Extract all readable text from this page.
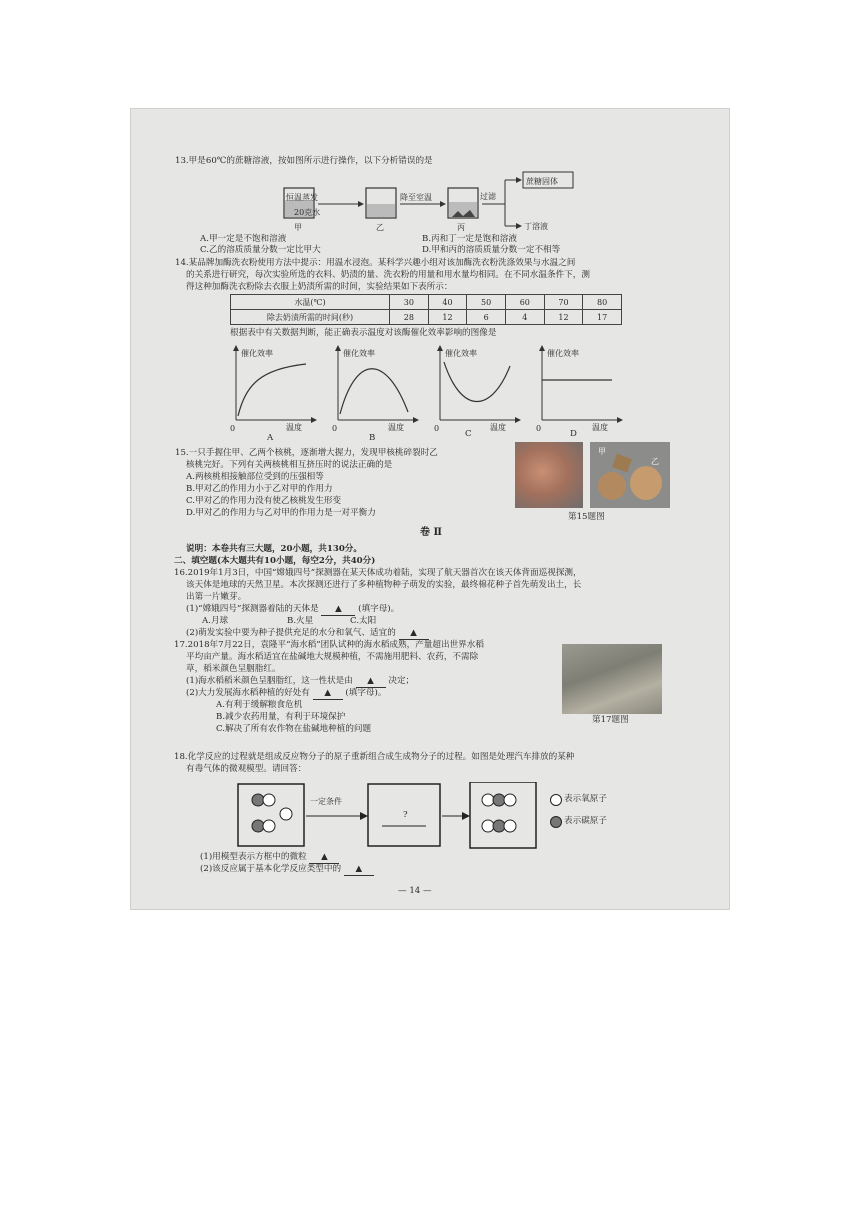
13.甲是60℃的蔗糖溶液，按如图所示进行操作，以下分析错误的是
恒温蒸发
20克水
降至室温	过滤
蔗糖固体
丁溶液
甲	乙	丙
A.甲一定是不饱和溶液	B.丙和丁一定是饱和溶液
C.乙的溶质质量分数一定比甲大	D.甲和丙的溶质质量分数一定不相等
14.某品牌加酶洗衣粉使用方法中提示：用温水浸泡。某科学兴趣小组对该加酶洗衣粉洗涤效果与水温之间
的关系进行研究，每次实验所选的衣料、奶渍的量、洗衣粉的用量和用水量均相同。在不同水温条件下，测
得这种加酶洗衣粉除去衣服上奶渍所需的时间，实验结果如下表所示：
水温(℃)	30	40	50	60	70	80
除去奶渍所需的时间(秒)	28	12	6	4	12	17
根据表中有关数据判断，能正确表示温度对该酶催化效率影响的图像是
催化效率	催化效率	催化效率	催化效率
0	0	0	0
温度	温度	温度	温度
A	B	C	D
15.一只手握住甲、乙两个核桃，逐渐增大握力，发现甲核桃碎裂时乙
核桃完好。下列有关两核桃相互挤压时的说法正确的是
A.两核桃相接触部位受到的压强相等
B.甲对乙的作用力小于乙对甲的作用力
C.甲对乙的作用力没有使乙核桃发生形变
D.甲对乙的作用力与乙对甲的作用力是一对平衡力
甲
乙
第15题图
卷 Ⅱ
说明：本卷共有三大题，20小题，共130分。
二、填空题(本大题共有10小题，每空2分，共40分)
16.2019年1月3日，中国“嫦娥四号”探测器在某天体成功着陆，实现了航天器首次在该天体背面巡视探测，
该天体是地球的天然卫星。本次探测还进行了多种植物种子萌发的实验，最终棉花种子首先萌发出土，长
出第一片嫩芽。
(1)“嫦娥四号”探测器着陆的天体是 ▲ (填字母)。
A.月球	B.火星	C.太阳
(2)萌发实验中要为种子提供充足的水分和氧气、适宜的 ▲
17.2018年7月22日，袁隆平“海水稻”团队试种的海水稻成熟，产量超出世界水稻
平均亩产量。海水稻适宜在盐碱地大规模种植，不需施用肥料、农药，不需除
草，稻米颜色呈胭脂红。
(1)海水稻稻米颜色呈胭脂红，这一性状是由 ▲ 决定；
(2)大力发展海水稻种植的好处有 ▲ (填字母)。
A.有利于缓解粮食危机
B.减少农药用量，有利于环境保护
C.解决了所有农作物在盐碱地种植的问题
第17题图
18.化学反应的过程就是组成反应物分子的原子重新组合成生成物分子的过程。如图是处理汽车排放的某种
有毒气体的微观模型。请回答：
一定条件
?
表示氧原子
表示碳原子
(1)用模型表示方框中的微粒 ▲
(2)该反应属于基本化学反应类型中的 ▲
— 14 —
